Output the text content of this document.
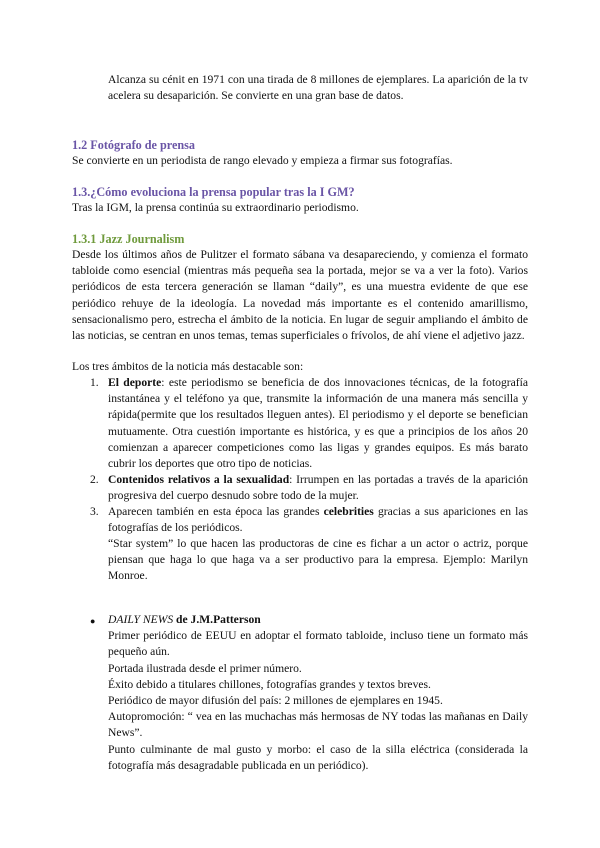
Alcanza su cénit en 1971 con una tirada de 8 millones de ejemplares. La aparición de la tv acelera su desaparición. Se convierte en una gran base de datos.

1.2 Fotógrafo de prensa

Se convierte en un periodista de rango elevado y empieza a firmar sus fotografías.

1.3.¿Cómo evoluciona la prensa popular tras la I GM?

Tras la IGM, la prensa continúa su extraordinario periodismo.

1.3.1 Jazz Journalism

Desde los últimos años de Pulitzer el formato sábana va desapareciendo, y comienza el formato tabloide como esencial (mientras más pequeña sea la portada, mejor se va a ver la foto). Varios periódicos de esta tercera generación se llaman “daily”, es una muestra evidente de que ese periódico rehuye de la ideología. La novedad más importante es el contenido amarillismo, sensacionalismo pero, estrecha el ámbito de la noticia. En lugar de seguir ampliando el ámbito de las noticias, se centran en unos temas, temas superficiales o frívolos, de ahí viene el adjetivo jazz.

Los tres ámbitos de la noticia más destacable son:

1. El deporte: este periodismo se beneficia de dos innovaciones técnicas, de la fotografía instantánea y el teléfono ya que, transmite la información de una manera más sencilla y rápida(permite que los resultados lleguen antes). El periodismo y el deporte se benefician mutuamente. Otra cuestión importante es histórica, y es que a principios de los años 20 comienzan a aparecer competiciones como las ligas y grandes equipos. Es más barato cubrir los deportes que otro tipo de noticias.

2. Contenidos relativos a la sexualidad: Irrumpen en las portadas a través de la aparición progresiva del cuerpo desnudo sobre todo de la mujer.

3. Aparecen también en esta época las grandes celebrities gracias a sus apariciones en las fotografías de los periódicos.

“Star system” lo que hacen las productoras de cine es fichar a un actor o actriz, porque piensan que haga lo que haga va a ser productivo para la empresa. Ejemplo: Marilyn Monroe.

● DAILY NEWS de J.M.Patterson

Primer periódico de EEUU en adoptar el formato tabloide, incluso tiene un formato más pequeño aún.

Portada ilustrada desde el primer número.

Éxito debido a titulares chillones, fotografías grandes y textos breves.

Periódico de mayor difusión del país: 2 millones de ejemplares en 1945.

Autopromoción: “ vea en las muchachas más hermosas de NY todas las mañanas en Daily News”.

Punto culminante de mal gusto y morbo: el caso de la silla eléctrica (considerada la fotografía más desagradable publicada en un periódico).
